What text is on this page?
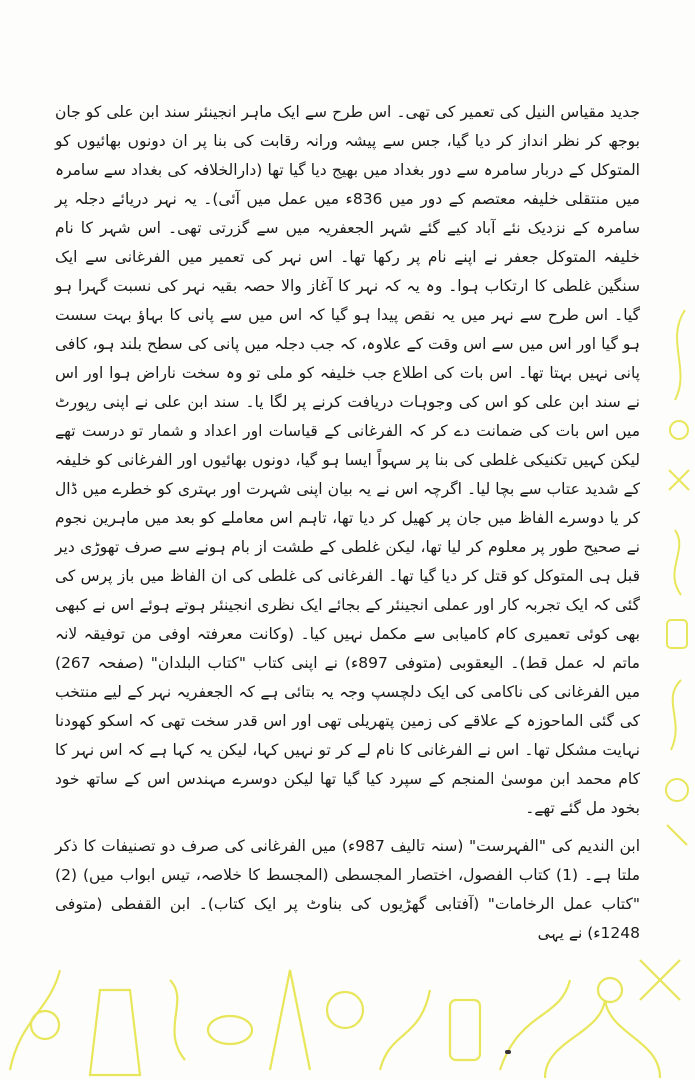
جدید مقیاس النیل کی تعمیر کی تھی۔ اس طرح سے ایک ماہر انجینئر سند ابن علی کو جان بوجھ کر نظر انداز کر دیا گیا، جس سے پیشہ ورانہ رقابت کی بنا پر ان دونوں بھائیوں کو المتوکل کے دربار سامرہ سے دور بغداد میں بھیج دیا گیا تھا (دارالخلافہ کی بغداد سے سامرہ میں منتقلی خلیفہ معتصم کے دور میں 836ء میں عمل میں آئی)۔ یہ نہر دریائے دجلہ پر سامرہ کے نزدیک نئے آباد کیے گئے شہر الجعفریہ میں سے گزرتی تھی۔ اس شہر کا نام خلیفہ المتوکل جعفر نے اپنے نام پر رکھا تھا۔ اس نہر کی تعمیر میں الفرغانی سے ایک سنگین غلطی کا ارتکاب ہوا۔ وہ یہ کہ نہر کا آغاز والا حصہ بقیہ نہر کی نسبت گہرا ہو گیا۔ اس طرح سے نہر میں یہ نقص پیدا ہو گیا کہ اس میں سے پانی کا بہاؤ بہت سست ہو گیا اور اس میں سے اس وقت کے علاوہ، کہ جب دجلہ میں پانی کی سطح بلند ہو، کافی پانی نہیں بہتا تھا۔ اس بات کی اطلاع جب خلیفہ کو ملی تو وہ سخت ناراض ہوا اور اس نے سند ابن علی کو اس کی وجوہات دریافت کرنے پر لگا یا۔ سند ابن علی نے اپنی رپورٹ میں اس بات کی ضمانت دے کر کہ الفرغانی کے قیاسات اور اعداد و شمار تو درست تھے لیکن کہیں تکنیکی غلطی کی بنا پر سہواً ایسا ہو گیا، دونوں بھائیوں اور الفرغانی کو خلیفہ کے شدید عتاب سے بچا لیا۔ اگرچہ اس نے یہ بیان اپنی شہرت اور بہتری کو خطرے میں ڈال کر یا دوسرے الفاظ میں جان پر کھیل کر دیا تھا، تاہم اس معاملے کو بعد میں ماہرین نجوم نے صحیح طور پر معلوم کر لیا تھا، لیکن غلطی کے طشت از بام ہونے سے صرف تھوڑی دیر قبل ہی المتوکل کو قتل کر دیا گیا تھا۔ الفرغانی کی غلطی کی ان الفاظ میں باز پرس کی گئی کہ ایک تجربہ کار اور عملی انجینئر کے بجائے ایک نظری انجینئر ہوتے ہوئے اس نے کبھی بھی کوئی تعمیری کام کامیابی سے مکمل نہیں کیا۔ (وکانت معرفتہ اوفی من توفیقہ لانہ ماتم لہ عمل قط)۔ الیعقوبی (متوفی 897ء) نے اپنی کتاب "کتاب البلدان" (صفحہ 267) میں الفرغانی کی ناکامی کی ایک دلچسپ وجہ یہ بتائی ہے کہ الجعفریہ نہر کے لیے منتخب کی گئی الماحوزہ کے علاقے کی زمین پتھریلی تھی اور اس قدر سخت تھی کہ اسکو کھودنا نہایت مشکل تھا۔ اس نے الفرغانی کا نام لے کر تو نہیں کہا، لیکن یہ کہا ہے کہ اس نہر کا کام محمد ابن موسیٰ المنجم کے سپرد کیا گیا تھا لیکن دوسرے مہندس اس کے ساتھ خود بخود مل گئے تھے۔

ابن الندیم کی "الفہرست" (سنہ تالیف 987ء) میں الفرغانی کی صرف دو تصنیفات کا ذکر ملتا ہے۔ (1) کتاب الفصول، اختصار المجسطی (المجسط کا خلاصہ، تیس ابواب میں) (2) "کتاب عمل الرخامات" (آفتابی گھڑیوں کی بناوٹ پر ایک کتاب)۔ ابن القفطی (متوفی 1248ء) نے یہی
